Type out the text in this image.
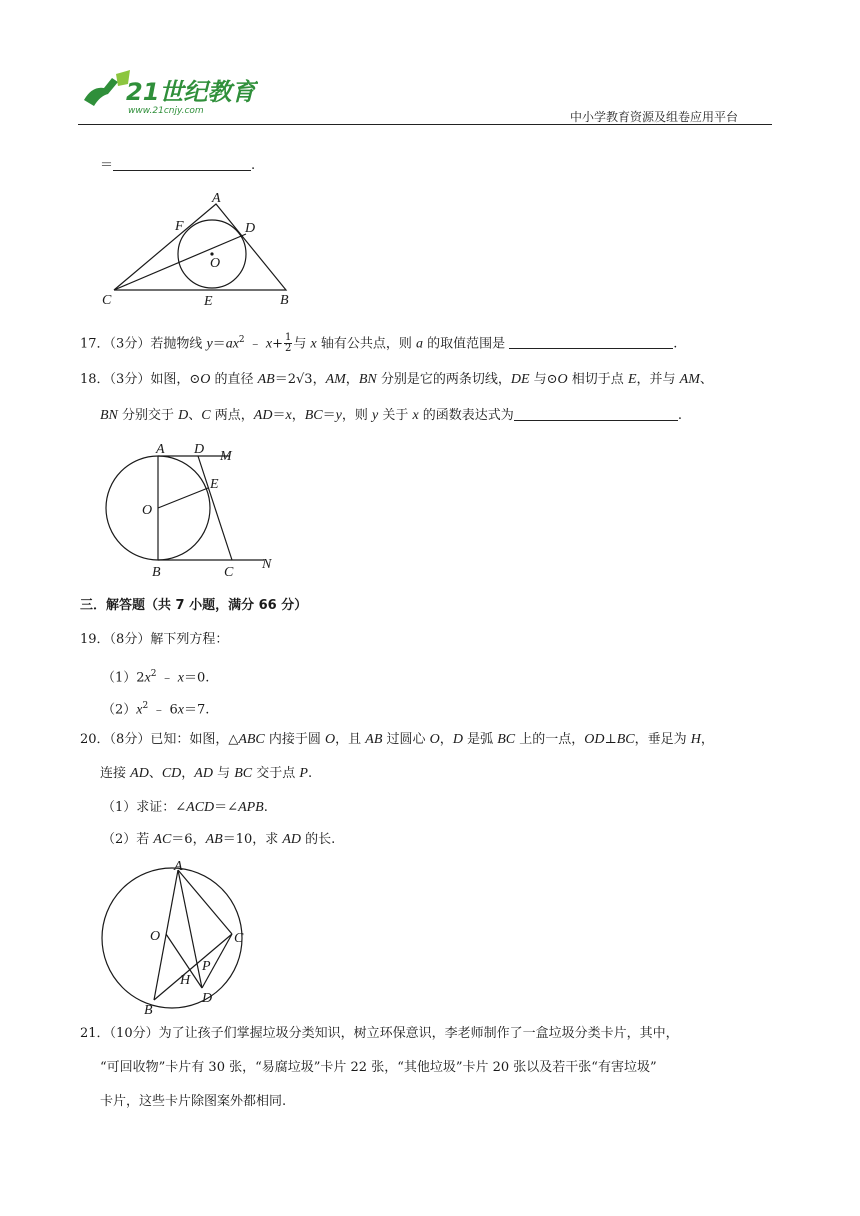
21世纪教育
www.21cnjy.com	中小学教育资源及组卷应用平台
＝	.
A
F	D
O
C	E	B
17．（3分）若抛物线 $y=ax^2$ ﹣ $x+ \frac{1}{2}$ 与 x 轴有公共点，则 a 的取值范围是	.
18．（3分）如图，⊙O 的直径 AB＝2√3，AM，BN 分别是它的两条切线，DE 与⊙O 相切于点 E，并与 AM、
BN 分别交于 D、C 两点，AD＝x，BC＝y，则 y 关于 x 的函数表达式为	.
A D M
E
O
B	C
N
三．解答题（共 7 小题，满分 66 分）
19．（8分）解下列方程：
$(1)2x^2$ ﹣ x＝0.
$(2)x^2$ ﹣ 6x＝7.
20．（8分）已知：如图，△ABC 内接于圆 O，且 AB 过圆心 O，D 是弧 BC 上的一点，OD⊥BC，垂足为 H，
连接 AD、CD，AD 与 BC 交于点 P.
（1）求证：∠ACD＝∠APB.
（2）若 AC＝6，AB＝10，求 AD 的长.
A
O	C
P
H
B
D
21．（10分）为了让孩子们掌握垃圾分类知识，树立环保意识，李老师制作了一盒垃圾分类卡片，其中，
“可回收物”卡片有 30 张，“易腐垃圾”卡片 22 张，“其他垃圾”卡片 20 张以及若干张“有害垃圾”
卡片，这些卡片除图案外都相同.
